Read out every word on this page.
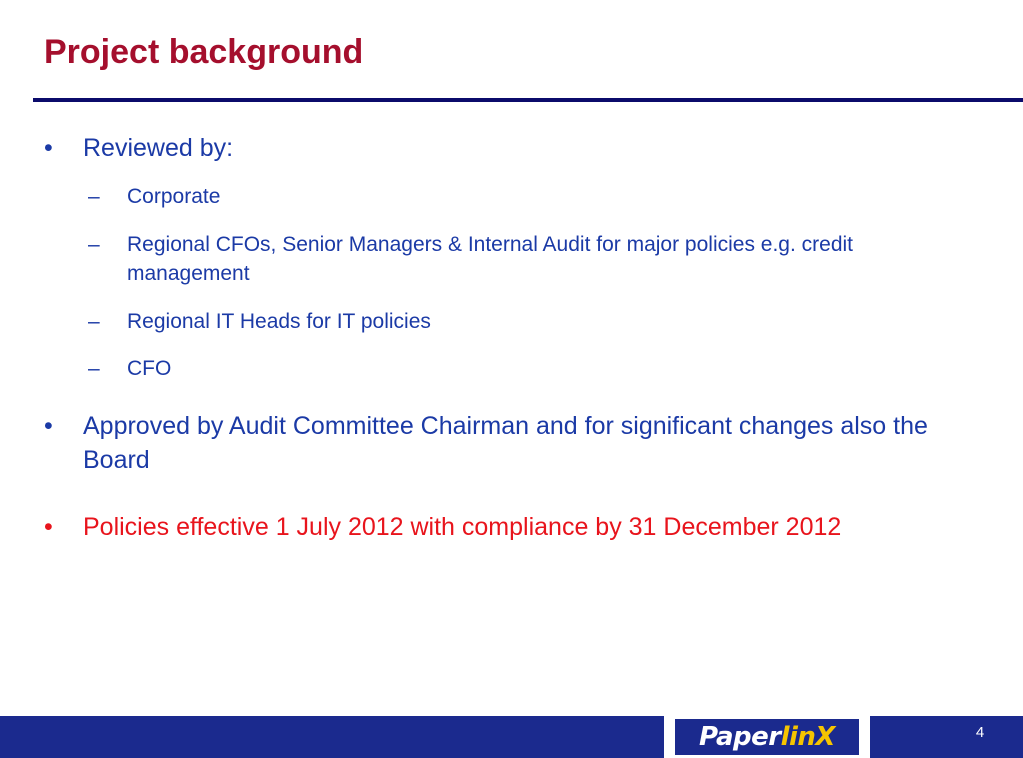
Project background
• Reviewed by:
– Corporate
– Regional CFOs, Senior Managers & Internal Audit for major policies e.g. credit management
– Regional IT Heads for IT policies
– CFO
• Approved by Audit Committee Chairman and for significant changes also the Board
• Policies effective 1 July 2012 with compliance by 31 December 2012
Paper linX	4
